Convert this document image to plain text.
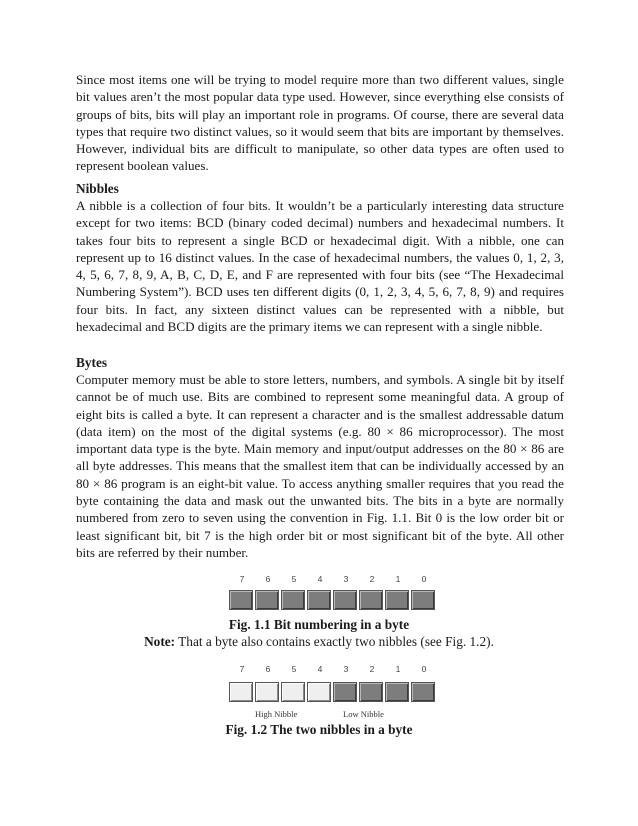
Since most items one will be trying to model require more than two different values, single bit values aren’t the most popular data type used. However, since everything else consists of groups of bits, bits will play an important role in programs. Of course, there are several data types that require two distinct values, so it would seem that bits are important by themselves. However, individual bits are difficult to manipulate, so other data types are often used to represent boolean values.

Nibbles

A nibble is a collection of four bits. It wouldn’t be a particularly interesting data structure except for two items: BCD (binary coded decimal) numbers and hexadecimal numbers. It takes four bits to represent a single BCD or hexadecimal digit. With a nibble, one can represent up to 16 distinct values. In the case of hexadecimal numbers, the values 0, 1, 2, 3, 4, 5, 6, 7, 8, 9, A, B, C, D, E, and F are represented with four bits (see “The Hexadecimal Numbering System”). BCD uses ten different digits (0, 1, 2, 3, 4, 5, 6, 7, 8, 9) and requires four bits. In fact, any sixteen distinct values can be represented with a nibble, but hexadecimal and BCD digits are the primary items we can represent with a single nibble.

Bytes

Computer memory must be able to store letters, numbers, and symbols. A single bit by itself cannot be of much use. Bits are combined to represent some meaningful data. A group of eight bits is called a byte. It can represent a character and is the smallest addressable datum (data item) on the most of the digital systems (e.g. 80 × 86 microprocessor). The most important data type is the byte. Main memory and input/output addresses on the 80 × 86 are all byte addresses. This means that the smallest item that can be individually accessed by an 80 × 86 program is an eight-bit value. To access anything smaller requires that you read the byte containing the data and mask out the unwanted bits. The bits in a byte are normally numbered from zero to seven using the convention in Fig. 1.1. Bit 0 is the low order bit or least significant bit, bit 7 is the high order bit or most significant bit of the byte. All other bits are referred by their number.

7	6	5	4	3	2	1	0

Fig. 1.1 Bit numbering in a byte

Note: That a byte also contains exactly two nibbles (see Fig. 1.2).

7	6	5	4	3	2	1	0
High Nibble	Low Nibble

Fig. 1.2 The two nibbles in a byte
